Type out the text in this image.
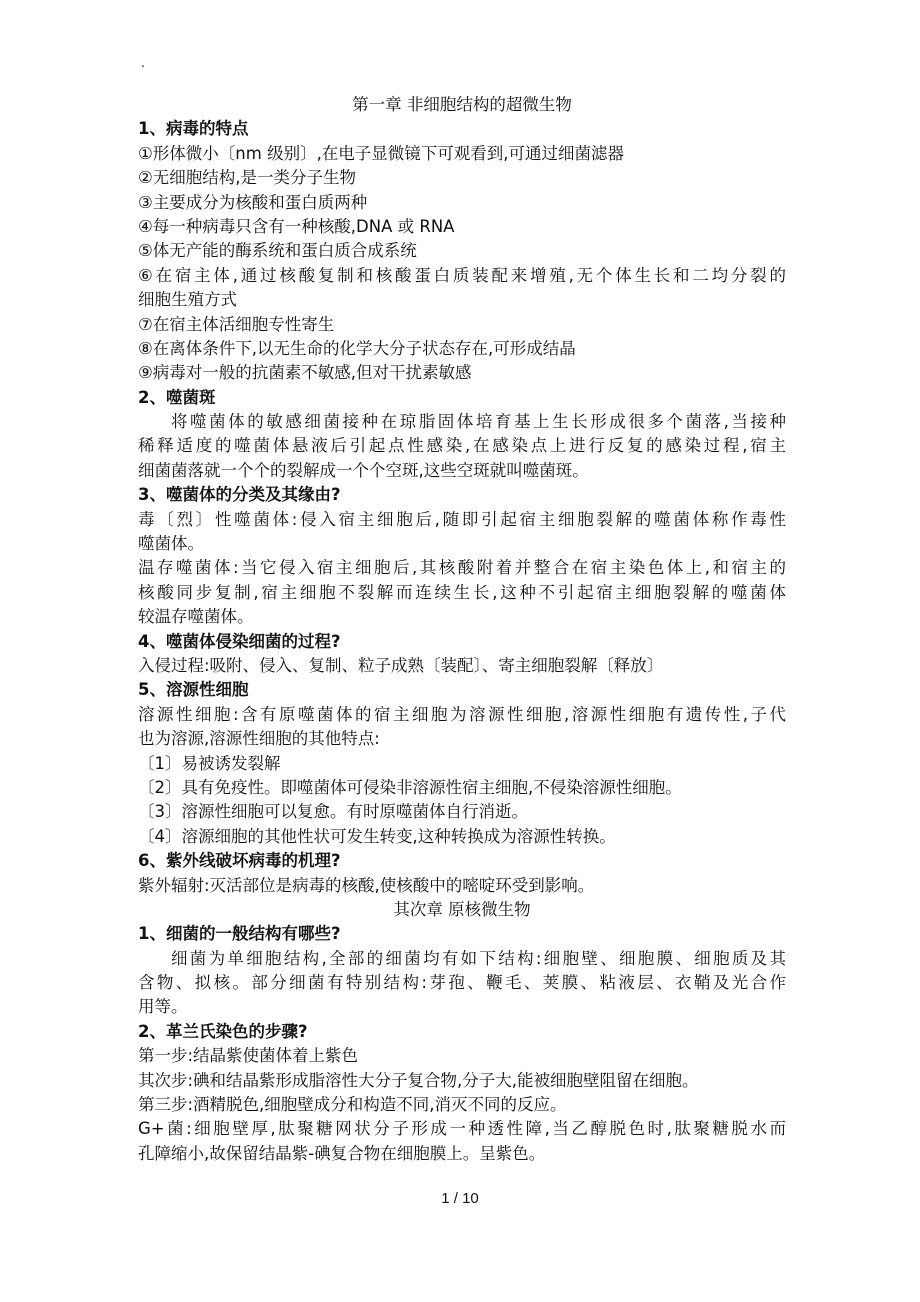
.
第一章 非细胞结构的超微生物
1、病毒的特点
①形体微小〔nm 级别〕,在电子显微镜下可观看到,可通过细菌滤器
②无细胞结构,是一类分子生物
③主要成分为核酸和蛋白质两种
④每一种病毒只含有一种核酸,DNA 或 RNA
⑤体无产能的酶系统和蛋白质合成系统
⑥在宿主体,通过核酸复制和核酸蛋白质装配来增殖,无个体生长和二均分裂的
细胞生殖方式
⑦在宿主体活细胞专性寄生
⑧在离体条件下,以无生命的化学大分子状态存在,可形成结晶
⑨病毒对一般的抗菌素不敏感,但对干扰素敏感
2、噬菌斑
将噬菌体的敏感细菌接种在琼脂固体培育基上生长形成很多个菌落,当接种
稀释适度的噬菌体悬液后引起点性感染,在感染点上进行反复的感染过程,宿主
细菌菌落就一个个的裂解成一个个空斑,这些空斑就叫噬菌斑。
3、噬菌体的分类及其缘由?
毒〔烈〕性噬菌体:侵入宿主细胞后,随即引起宿主细胞裂解的噬菌体称作毒性
噬菌体。
温存噬菌体:当它侵入宿主细胞后,其核酸附着并整合在宿主染色体上,和宿主的
核酸同步复制,宿主细胞不裂解而连续生长,这种不引起宿主细胞裂解的噬菌体
较温存噬菌体。
4、噬菌体侵染细菌的过程?
入侵过程:吸附、侵入、复制、粒子成熟〔装配〕、寄主细胞裂解〔释放〕
5、溶源性细胞
溶源性细胞:含有原噬菌体的宿主细胞为溶源性细胞,溶源性细胞有遗传性,子代
也为溶源,溶源性细胞的其他特点:
〔1〕易被诱发裂解
〔2〕具有免疫性。即噬菌体可侵染非溶源性宿主细胞,不侵染溶源性细胞。
〔3〕溶源性细胞可以复愈。有时原噬菌体自行消逝。
〔4〕溶源细胞的其他性状可发生转变,这种转换成为溶源性转换。
6、紫外线破坏病毒的机理?
紫外辐射:灭活部位是病毒的核酸,使核酸中的嘧啶环受到影响。
其次章 原核微生物
1、细菌的一般结构有哪些?
细菌为单细胞结构,全部的细菌均有如下结构:细胞壁、细胞膜、细胞质及其
含物、拟核。部分细菌有特别结构:芽孢、鞭毛、荚膜、粘液层、衣鞘及光合作
用等。
2、革兰氏染色的步骤?
第一步:结晶紫使菌体着上紫色
其次步:碘和结晶紫形成脂溶性大分子复合物,分子大,能被细胞壁阻留在细胞。
第三步:酒精脱色,细胞壁成分和构造不同,消灭不同的反应。
G+菌:细胞壁厚,肽聚糖网状分子形成一种透性障,当乙醇脱色时,肽聚糖脱水而
孔障缩小,故保留结晶紫-碘复合物在细胞膜上。呈紫色。
1 / 10
